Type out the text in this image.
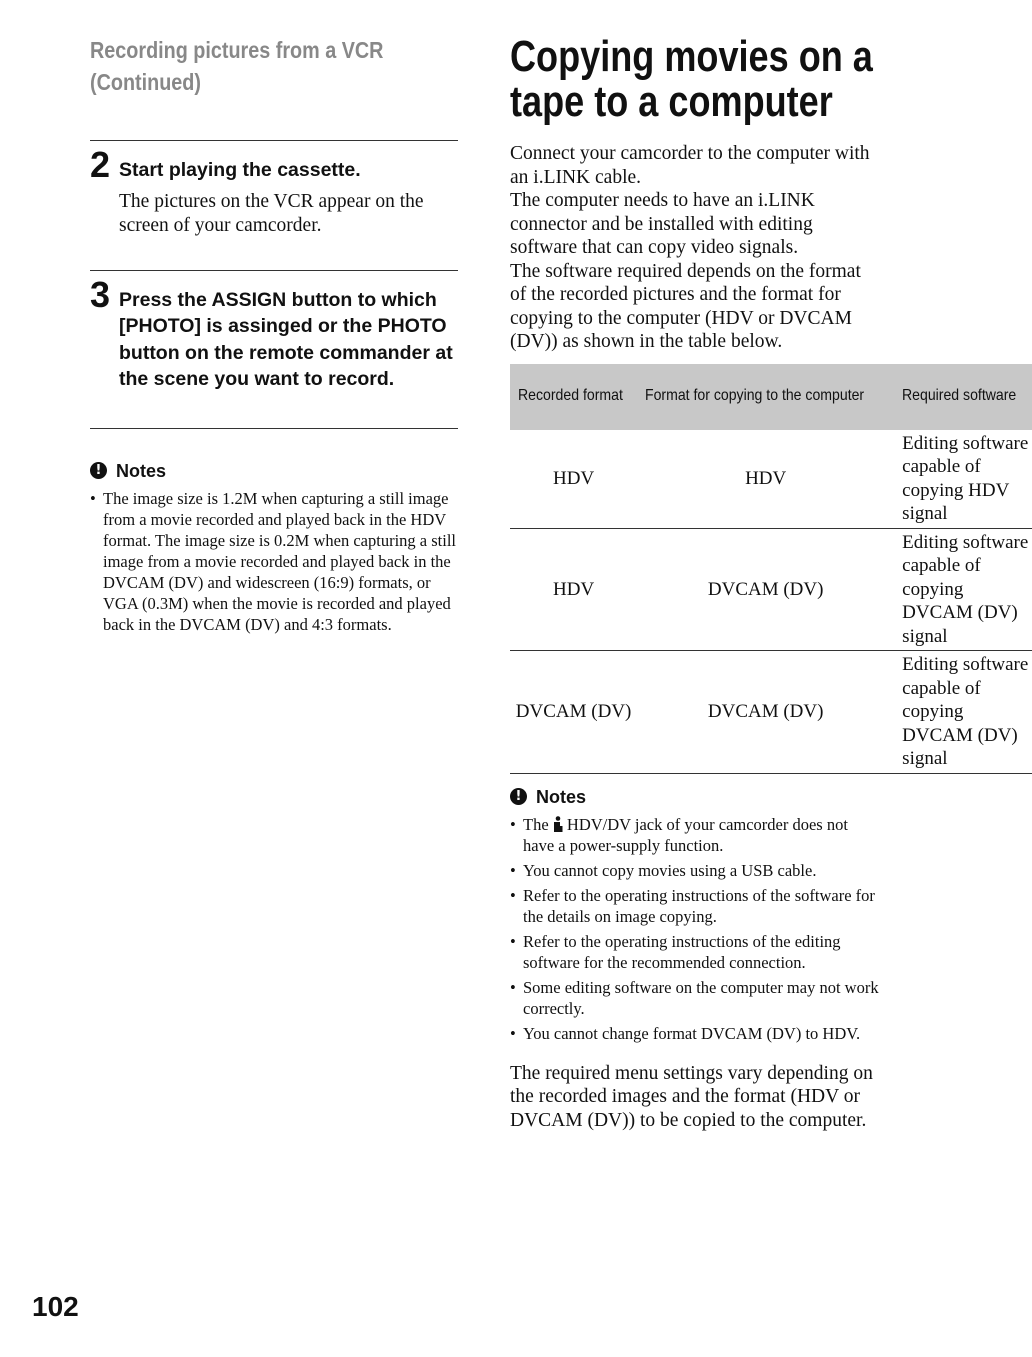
Recording pictures from a VCR
(Continued)
2 Start playing the cassette.
The pictures on the VCR appear on the screen of your camcorder.
3 Press the ASSIGN button to which [PHOTO] is assinged or the PHOTO button on the remote commander at the scene you want to record.
! Notes
• The image size is 1.2M when capturing a still image from a movie recorded and played back in the HDV format. The image size is 0.2M when capturing a still image from a movie recorded and played back in the DVCAM (DV) and widescreen (16:9) formats, or VGA (0.3M) when the movie is recorded and played back in the DVCAM (DV) and 4:3 formats.
Copying movies on a
tape to a computer
Connect your camcorder to the computer with an i.LINK cable.
The computer needs to have an i.LINK connector and be installed with editing software that can copy video signals.
The software required depends on the format of the recorded pictures and the format for copying to the computer (HDV or DVCAM (DV)) as shown in the table below.
Recorded format	Format for copying to the computer	Required software
HDV	HDV	Editing software capable of copying HDV signal
HDV	DVCAM (DV)	Editing software capable of copying DVCAM (DV) signal
DVCAM (DV)	DVCAM (DV)	Editing software capable of copying DVCAM (DV) signal
! Notes
• The HDV/DV jack of your camcorder does not have a power-supply function.
• You cannot copy movies using a USB cable.
• Refer to the operating instructions of the software for the details on image copying.
• Refer to the operating instructions of the editing software for the recommended connection.
• Some editing software on the computer may not work correctly.
• You cannot change format DVCAM (DV) to HDV.
The required menu settings vary depending on the recorded images and the format (HDV or DVCAM (DV)) to be copied to the computer.
102
